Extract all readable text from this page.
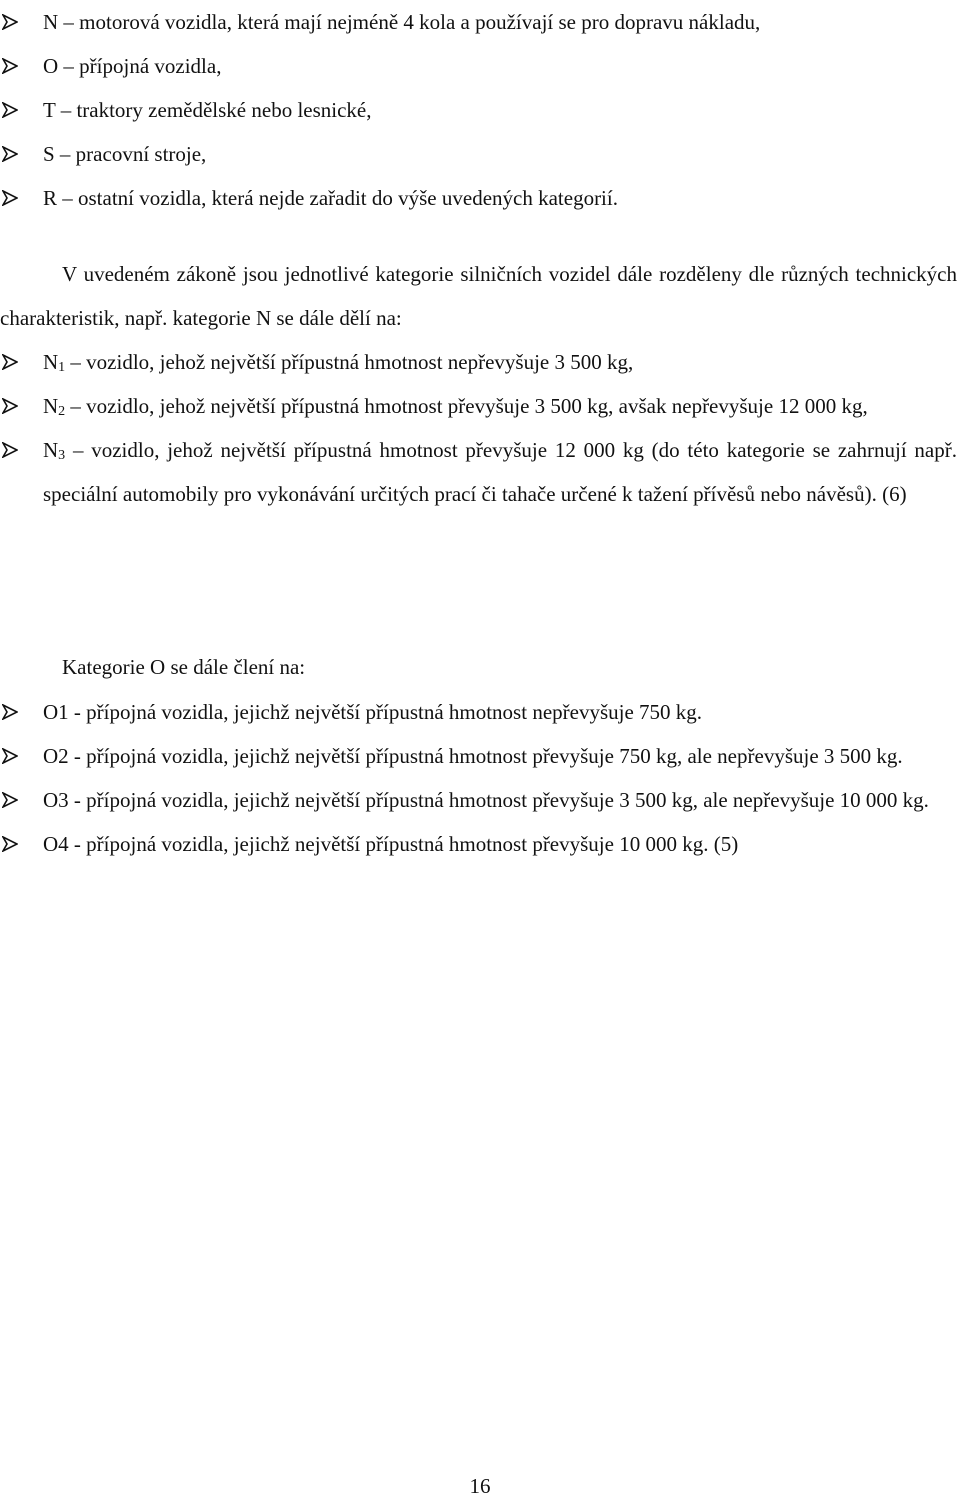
N – motorová vozidla, která mají nejméně 4 kola a používají se pro dopravu nákladu,
O – přípojná vozidla,
T – traktory zemědělské nebo lesnické,
S – pracovní stroje,
R – ostatní vozidla, která nejde zařadit do výše uvedených kategorií.

V uvedeném zákoně jsou jednotlivé kategorie silničních vozidel dále rozděleny dle různých technických charakteristik, např. kategorie N se dále dělí na:

$N_1$ – vozidlo, jehož největší přípustná hmotnost nepřevyšuje 3 500 kg,
$N_2$ – vozidlo, jehož největší přípustná hmotnost převyšuje 3 500 kg, avšak nepřevyšuje 12 000 kg,
$N_3$ – vozidlo, jehož největší přípustná hmotnost převyšuje 12 000 kg (do této kategorie se zahrnují např. speciální automobily pro vykonávání určitých prací či tahače určené k tažení přívěsů nebo návěsů). (6)

Kategorie O se dále člení na:

O1 - přípojná vozidla, jejichž největší přípustná hmotnost nepřevyšuje 750 kg.
O2 - přípojná vozidla, jejichž největší přípustná hmotnost převyšuje 750 kg, ale nepřevyšuje 3 500 kg.
O3 - přípojná vozidla, jejichž největší přípustná hmotnost převyšuje 3 500 kg, ale nepřevyšuje 10 000 kg.
O4 - přípojná vozidla, jejichž největší přípustná hmotnost převyšuje 10 000 kg. (5)
16
